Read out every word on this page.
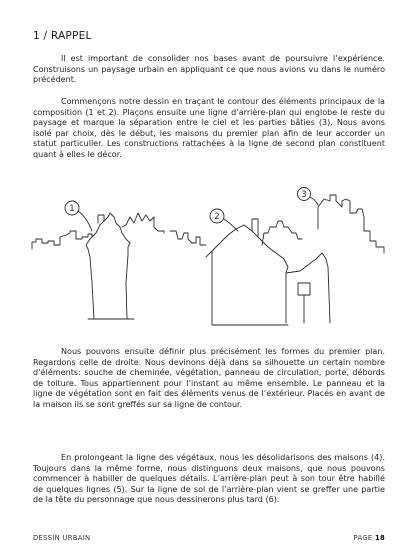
1 / RAPPEL

Il est important de consolider nos bases avant de poursuivre l’expérience. Construisons un paysage urbain en appliquant ce que nous avions vu dans le numéro précédent.

Commençons notre dessin en traçant le contour des éléments principaux de la composition (1 et 2). Plaçons ensuite une ligne d’arrière-plan qui englobe le reste du paysage et marque la séparation entre le ciel et les parties bâties (3). Nous avons isolé par choix, dès le début, les maisons du premier plan afin de leur accorder un statut particulier. Les constructions rattachées à la ligne de second plan constituent quant à elles le décor.

1
2
3

Nous pouvons ensuite définir plus précisément les formes du premier plan. Regardons celle de droite. Nous devinons déjà dans sa silhouette un certain nombre d’éléments: souche de cheminée, végétation, panneau de circulation, porte, débords de toiture. Tous appartiennent pour l’instant au même ensemble. Le panneau et la ligne de végétation sont en fait des éléments venus de l’extérieur. Placés en avant de la maison ils se sont greffés sur sa ligne de contour.

En prolongeant la ligne des végétaux, nous les désolidarisons des maisons (4). Toujours dans la même forme, nous distinguons deux maisons, que nous pouvons commencer à habiller de quelques détails. L’arrière-plan peut à son tour être habillé de quelques lignes (5). Sur la ligne de sol de l’arrière-plan vient se greffer une partie de la tête du personnage que nous dessinerons plus tard (6).

DESSIN URBAIN	PAGE 18
